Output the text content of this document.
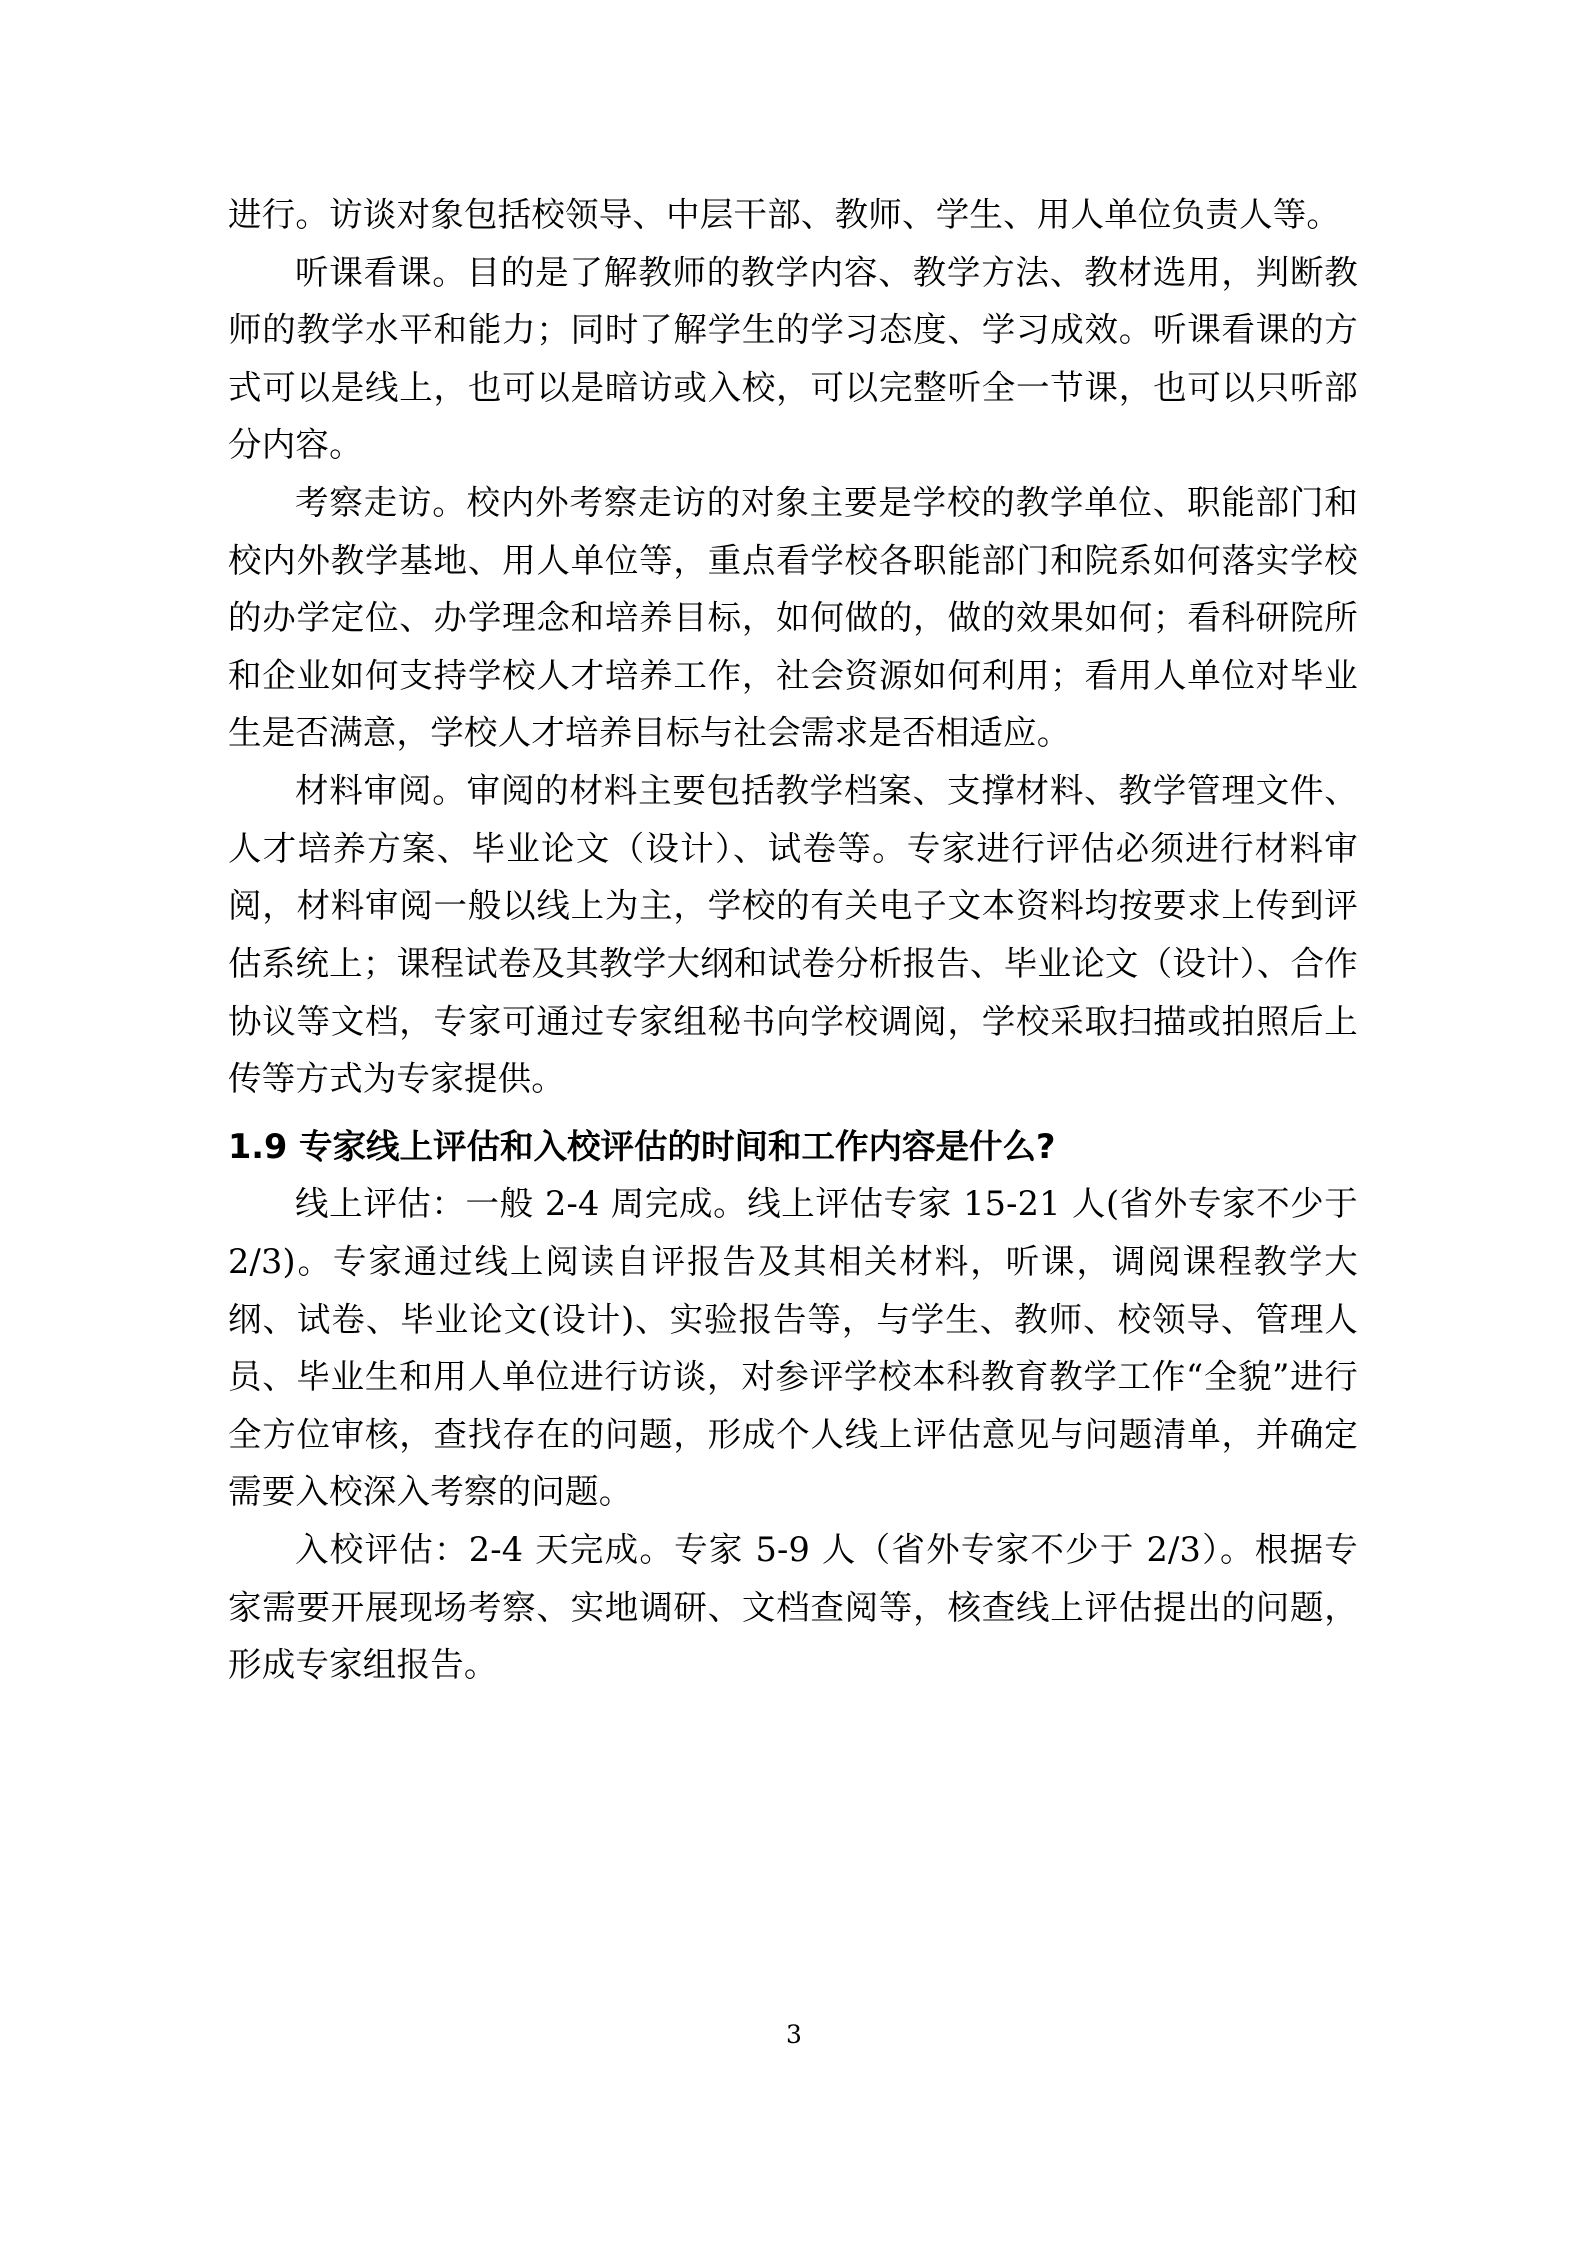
进行。访谈对象包括校领导、中层干部、教师、学生、用人单位负责人等。

听课看课。目的是了解教师的教学内容、教学方法、教材选用，判断教师的教学水平和能力；同时了解学生的学习态度、学习成效。听课看课的方式可以是线上，也可以是暗访或入校，可以完整听全一节课，也可以只听部分内容。

考察走访。校内外考察走访的对象主要是学校的教学单位、职能部门和校内外教学基地、用人单位等，重点看学校各职能部门和院系如何落实学校的办学定位、办学理念和培养目标，如何做的，做的效果如何；看科研院所和企业如何支持学校人才培养工作，社会资源如何利用；看用人单位对毕业生是否满意，学校人才培养目标与社会需求是否相适应。

材料审阅。审阅的材料主要包括教学档案、支撑材料、教学管理文件、人才培养方案、毕业论文（设计）、试卷等。专家进行评估必须进行材料审阅，材料审阅一般以线上为主，学校的有关电子文本资料均按要求上传到评估系统上；课程试卷及其教学大纲和试卷分析报告、毕业论文（设计）、合作协议等文档，专家可通过专家组秘书向学校调阅，学校采取扫描或拍照后上传等方式为专家提供。

1.9 专家线上评估和入校评估的时间和工作内容是什么?

线上评估：一般 2-4 周完成。线上评估专家 15-21 人(省外专家不少于 2/3)。专家通过线上阅读自评报告及其相关材料，听课，调阅课程教学大纲、试卷、毕业论文(设计)、实验报告等，与学生、教师、校领导、管理人员、毕业生和用人单位进行访谈，对参评学校本科教育教学工作“全貌”进行全方位审核，查找存在的问题，形成个人线上评估意见与问题清单，并确定需要入校深入考察的问题。

入校评估：2-4 天完成。专家 5-9 人（省外专家不少于 2/3）。根据专家需要开展现场考察、实地调研、文档查阅等，核查线上评估提出的问题，形成专家组报告。

3
